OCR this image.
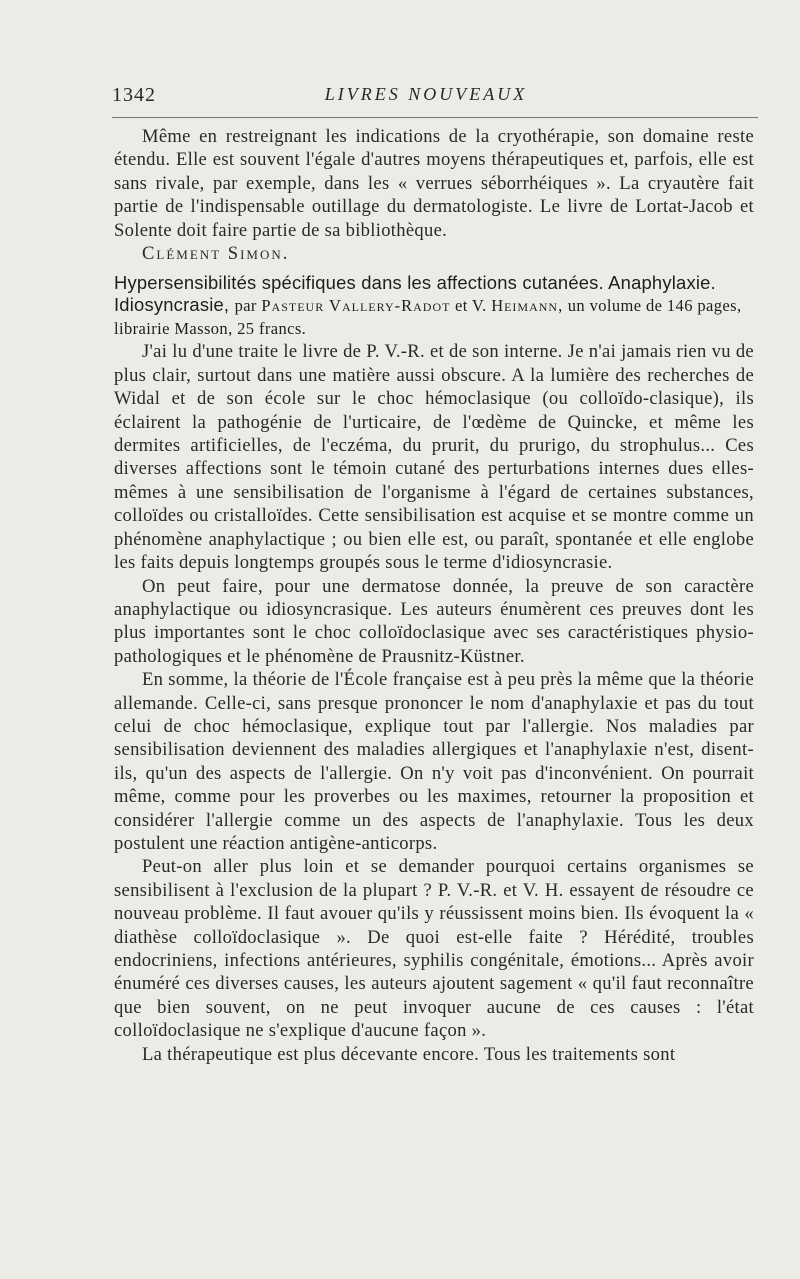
1342	LIVRES NOUVEAUX

Même en restreignant les indications de la cryothérapie, son domaine reste étendu. Elle est souvent l'égale d'autres moyens thérapeutiques et, parfois, elle est sans rivale, par exemple, dans les « verrues séborrhéiques ». La cryautère fait partie de l'indispensable outillage du dermatologiste. Le livre de Lortat-Jacob et Solente doit faire partie de sa bibliothèque.

Clément Simon.

Hypersensibilités spécifiques dans les affections cutanées. Anaphylaxie.
Idiosyncrasie, par Pasteur Vallery-Radot et V. Heimann, un volume de 146 pages, librairie Masson, 25 francs.

J'ai lu d'une traite le livre de P. V.-R. et de son interne. Je n'ai jamais rien vu de plus clair, surtout dans une matière aussi obscure. A la lumière des recherches de Widal et de son école sur le choc hémoclasique (ou colloïdo-clasique), ils éclairent la pathogénie de l'urticaire, de l'œdème de Quincke, et même les dermites artificielles, de l'eczéma, du prurit, du prurigo, du strophulus... Ces diverses affections sont le témoin cutané des perturbations internes dues elles-mêmes à une sensibilisation de l'organisme à l'égard de certaines substances, colloïdes ou cristalloïdes. Cette sensibilisation est acquise et se montre comme un phénomène anaphylactique ; ou bien elle est, ou paraît, spontanée et elle englobe les faits depuis longtemps groupés sous le terme d'idiosyncrasie.

On peut faire, pour une dermatose donnée, la preuve de son caractère anaphylactique ou idiosyncrasique. Les auteurs énumèrent ces preuves dont les plus importantes sont le choc colloïdoclasique avec ses caractéristiques physio-pathologiques et le phénomène de Prausnitz-Küstner.

En somme, la théorie de l'École française est à peu près la même que la théorie allemande. Celle-ci, sans presque prononcer le nom d'anaphylaxie et pas du tout celui de choc hémoclasique, explique tout par l'allergie. Nos maladies par sensibilisation deviennent des maladies allergiques et l'anaphylaxie n'est, disent-ils, qu'un des aspects de l'allergie. On n'y voit pas d'inconvénient. On pourrait même, comme pour les proverbes ou les maximes, retourner la proposition et considérer l'allergie comme un des aspects de l'anaphylaxie. Tous les deux postulent une réaction antigène-anticorps.

Peut-on aller plus loin et se demander pourquoi certains organismes se sensibilisent à l'exclusion de la plupart ? P. V.-R. et V. H. essayent de résoudre ce nouveau problème. Il faut avouer qu'ils y réussissent moins bien. Ils évoquent la « diathèse colloïdoclasique ». De quoi est-elle faite ? Hérédité, troubles endocriniens, infections antérieures, syphilis congénitale, émotions... Après avoir énuméré ces diverses causes, les auteurs ajoutent sagement « qu'il faut reconnaître que bien souvent, on ne peut invoquer aucune de ces causes : l'état colloïdoclasique ne s'explique d'aucune façon ».

La thérapeutique est plus décevante encore. Tous les traitements sont
